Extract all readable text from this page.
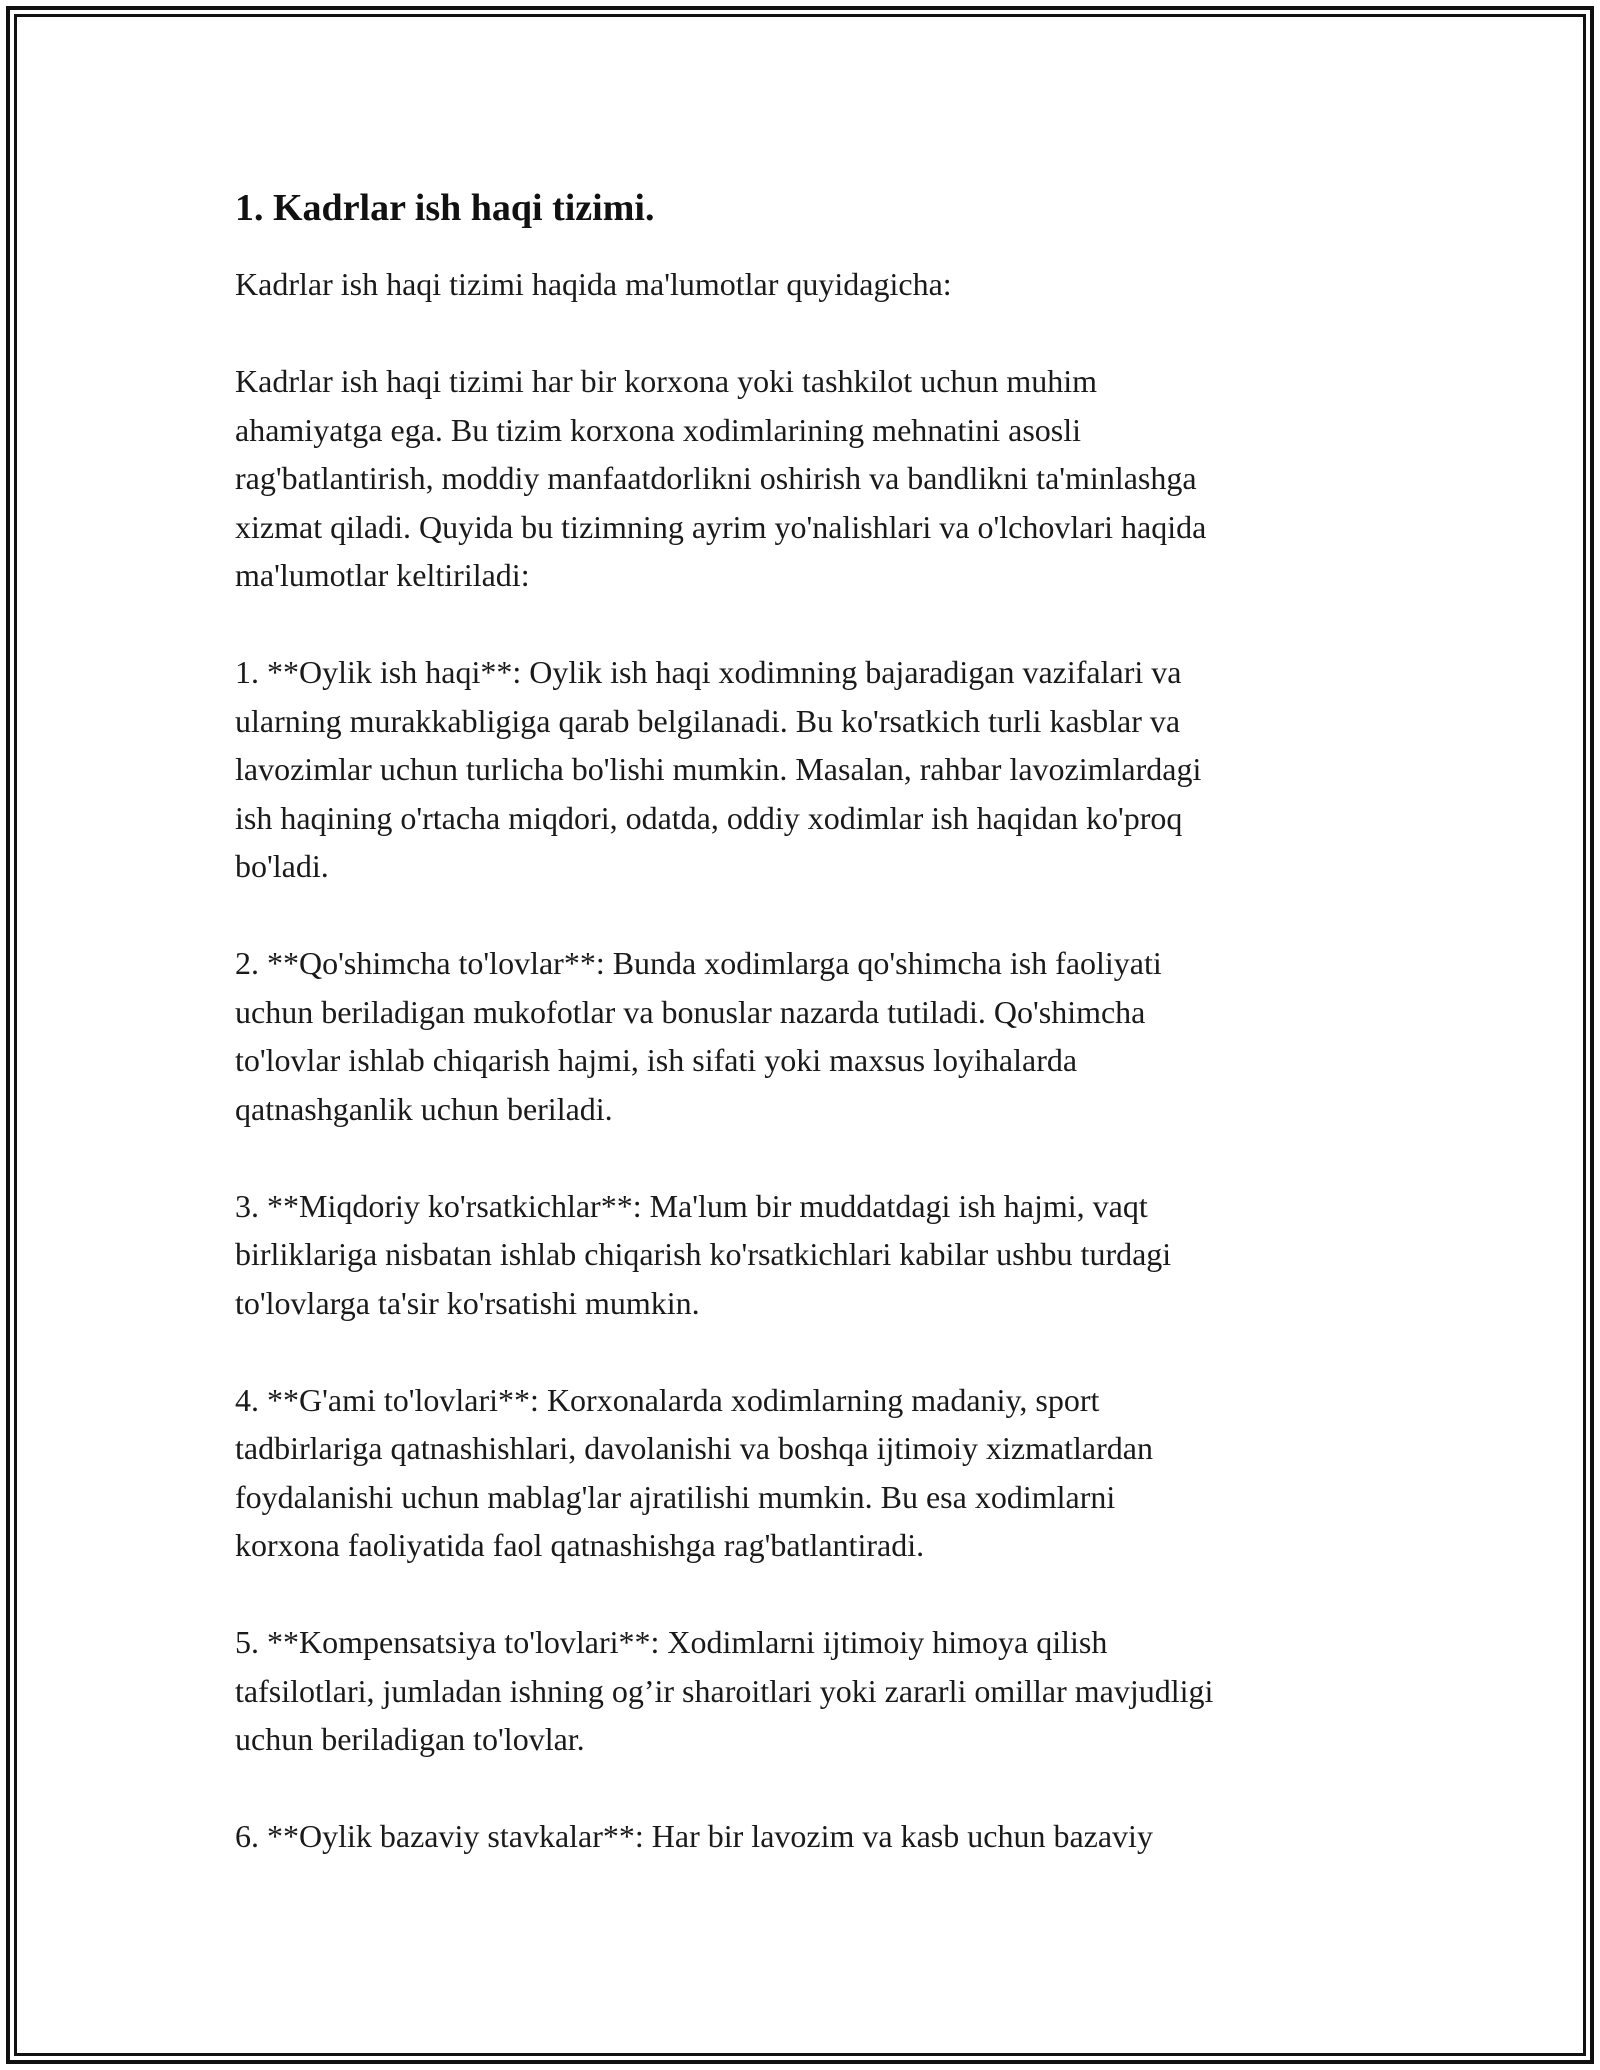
1. Kadrlar ish haqi tizimi.

Kadrlar ish haqi tizimi haqida ma'lumotlar quyidagicha:

Kadrlar ish haqi tizimi har bir korxona yoki tashkilot uchun muhim
ahamiyatga ega. Bu tizim korxona xodimlarining mehnatini asosli
rag'batlantirish, moddiy manfaatdorlikni oshirish va bandlikni ta'minlashga
xizmat qiladi. Quyida bu tizimning ayrim yo'nalishlari va o'lchovlari haqida
ma'lumotlar keltiriladi:

1. **Oylik ish haqi**: Oylik ish haqi xodimning bajaradigan vazifalari va
ularning murakkabligiga qarab belgilanadi. Bu ko'rsatkich turli kasblar va
lavozimlar uchun turlicha bo'lishi mumkin. Masalan, rahbar lavozimlardagi
ish haqining o'rtacha miqdori, odatda, oddiy xodimlar ish haqidan ko'proq
bo'ladi.

2. **Qo'shimcha to'lovlar**: Bunda xodimlarga qo'shimcha ish faoliyati
uchun beriladigan mukofotlar va bonuslar nazarda tutiladi. Qo'shimcha
to'lovlar ishlab chiqarish hajmi, ish sifati yoki maxsus loyihalarda
qatnashganlik uchun beriladi.

3. **Miqdoriy ko'rsatkichlar**: Ma'lum bir muddatdagi ish hajmi, vaqt
birliklariga nisbatan ishlab chiqarish ko'rsatkichlari kabilar ushbu turdagi
to'lovlarga ta'sir ko'rsatishi mumkin.

4. **G'ami to'lovlari**: Korxonalarda xodimlarning madaniy, sport
tadbirlariga qatnashishlari, davolanishi va boshqa ijtimoiy xizmatlardan
foydalanishi uchun mablag'lar ajratilishi mumkin. Bu esa xodimlarni
korxona faoliyatida faol qatnashishga rag'batlantiradi.

5. **Kompensatsiya to'lovlari**: Xodimlarni ijtimoiy himoya qilish
tafsilotlari, jumladan ishning og’ir sharoitlari yoki zararli omillar mavjudligi
uchun beriladigan to'lovlar.

6. **Oylik bazaviy stavkalar**: Har bir lavozim va kasb uchun bazaviy
